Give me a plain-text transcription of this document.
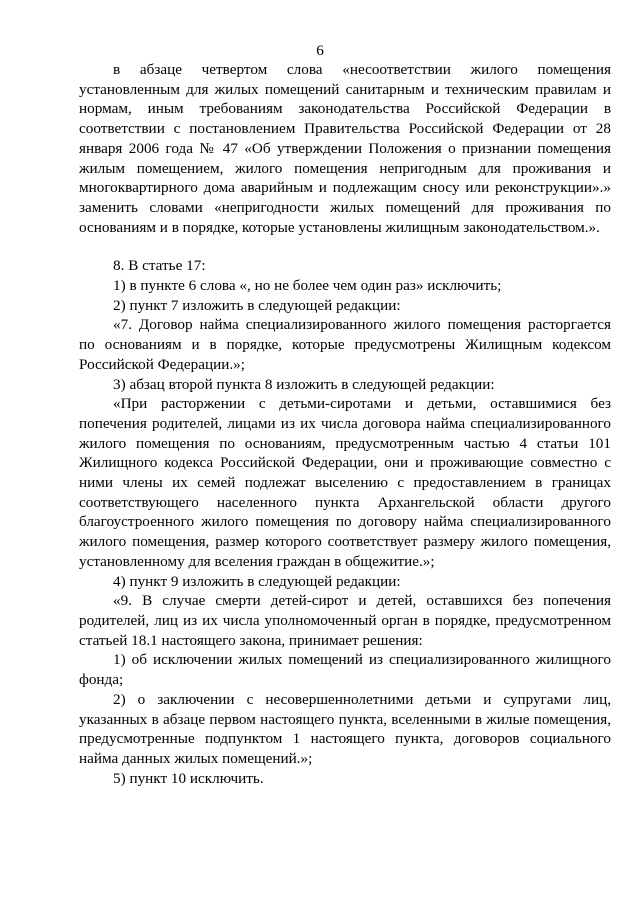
6

в абзаце четвертом слова «несоответствии жилого помещения установленным для жилых помещений санитарным и техническим правилам и нормам, иным требованиям законодательства Российской Федерации в соответствии с постановлением Правительства Российской Федерации от 28 января 2006 года № 47 «Об утверждении Положения о признании помещения жилым помещением, жилого помещения непригодным для проживания и многоквартирного дома аварийным и подлежащим сносу или реконструкции».» заменить словами «непригодности жилых помещений для проживания по основаниям и в порядке, которые установлены жилищным законодательством.».

8. В статье 17:

1) в пункте 6 слова «, но не более чем один раз» исключить;

2) пункт 7 изложить в следующей редакции:

«7. Договор найма специализированного жилого помещения расторгается по основаниям и в порядке, которые предусмотрены Жилищным кодексом Российской Федерации.»;

3) абзац второй пункта 8 изложить в следующей редакции:

«При расторжении с детьми-сиротами и детьми, оставшимися без попечения родителей, лицами из их числа договора найма специализированного жилого помещения по основаниям, предусмотренным частью 4 статьи 101 Жилищного кодекса Российской Федерации, они и проживающие совместно с ними члены их семей подлежат выселению с предоставлением в границах соответствующего населенного пункта Архангельской области другого благоустроенного жилого помещения по договору найма специализированного жилого помещения, размер которого соответствует размеру жилого помещения, установленному для вселения граждан в общежитие.»;

4) пункт 9 изложить в следующей редакции:

«9. В случае смерти детей-сирот и детей, оставшихся без попечения родителей, лиц из их числа уполномоченный орган в порядке, предусмотренном статьей 18.1 настоящего закона, принимает решения:

1) об исключении жилых помещений из специализированного жилищного фонда;

2) о заключении с несовершеннолетними детьми и супругами лиц, указанных в абзаце первом настоящего пункта, вселенными в жилые помещения, предусмотренные подпунктом 1 настоящего пункта, договоров социального найма данных жилых помещений.»;

5) пункт 10 исключить.
